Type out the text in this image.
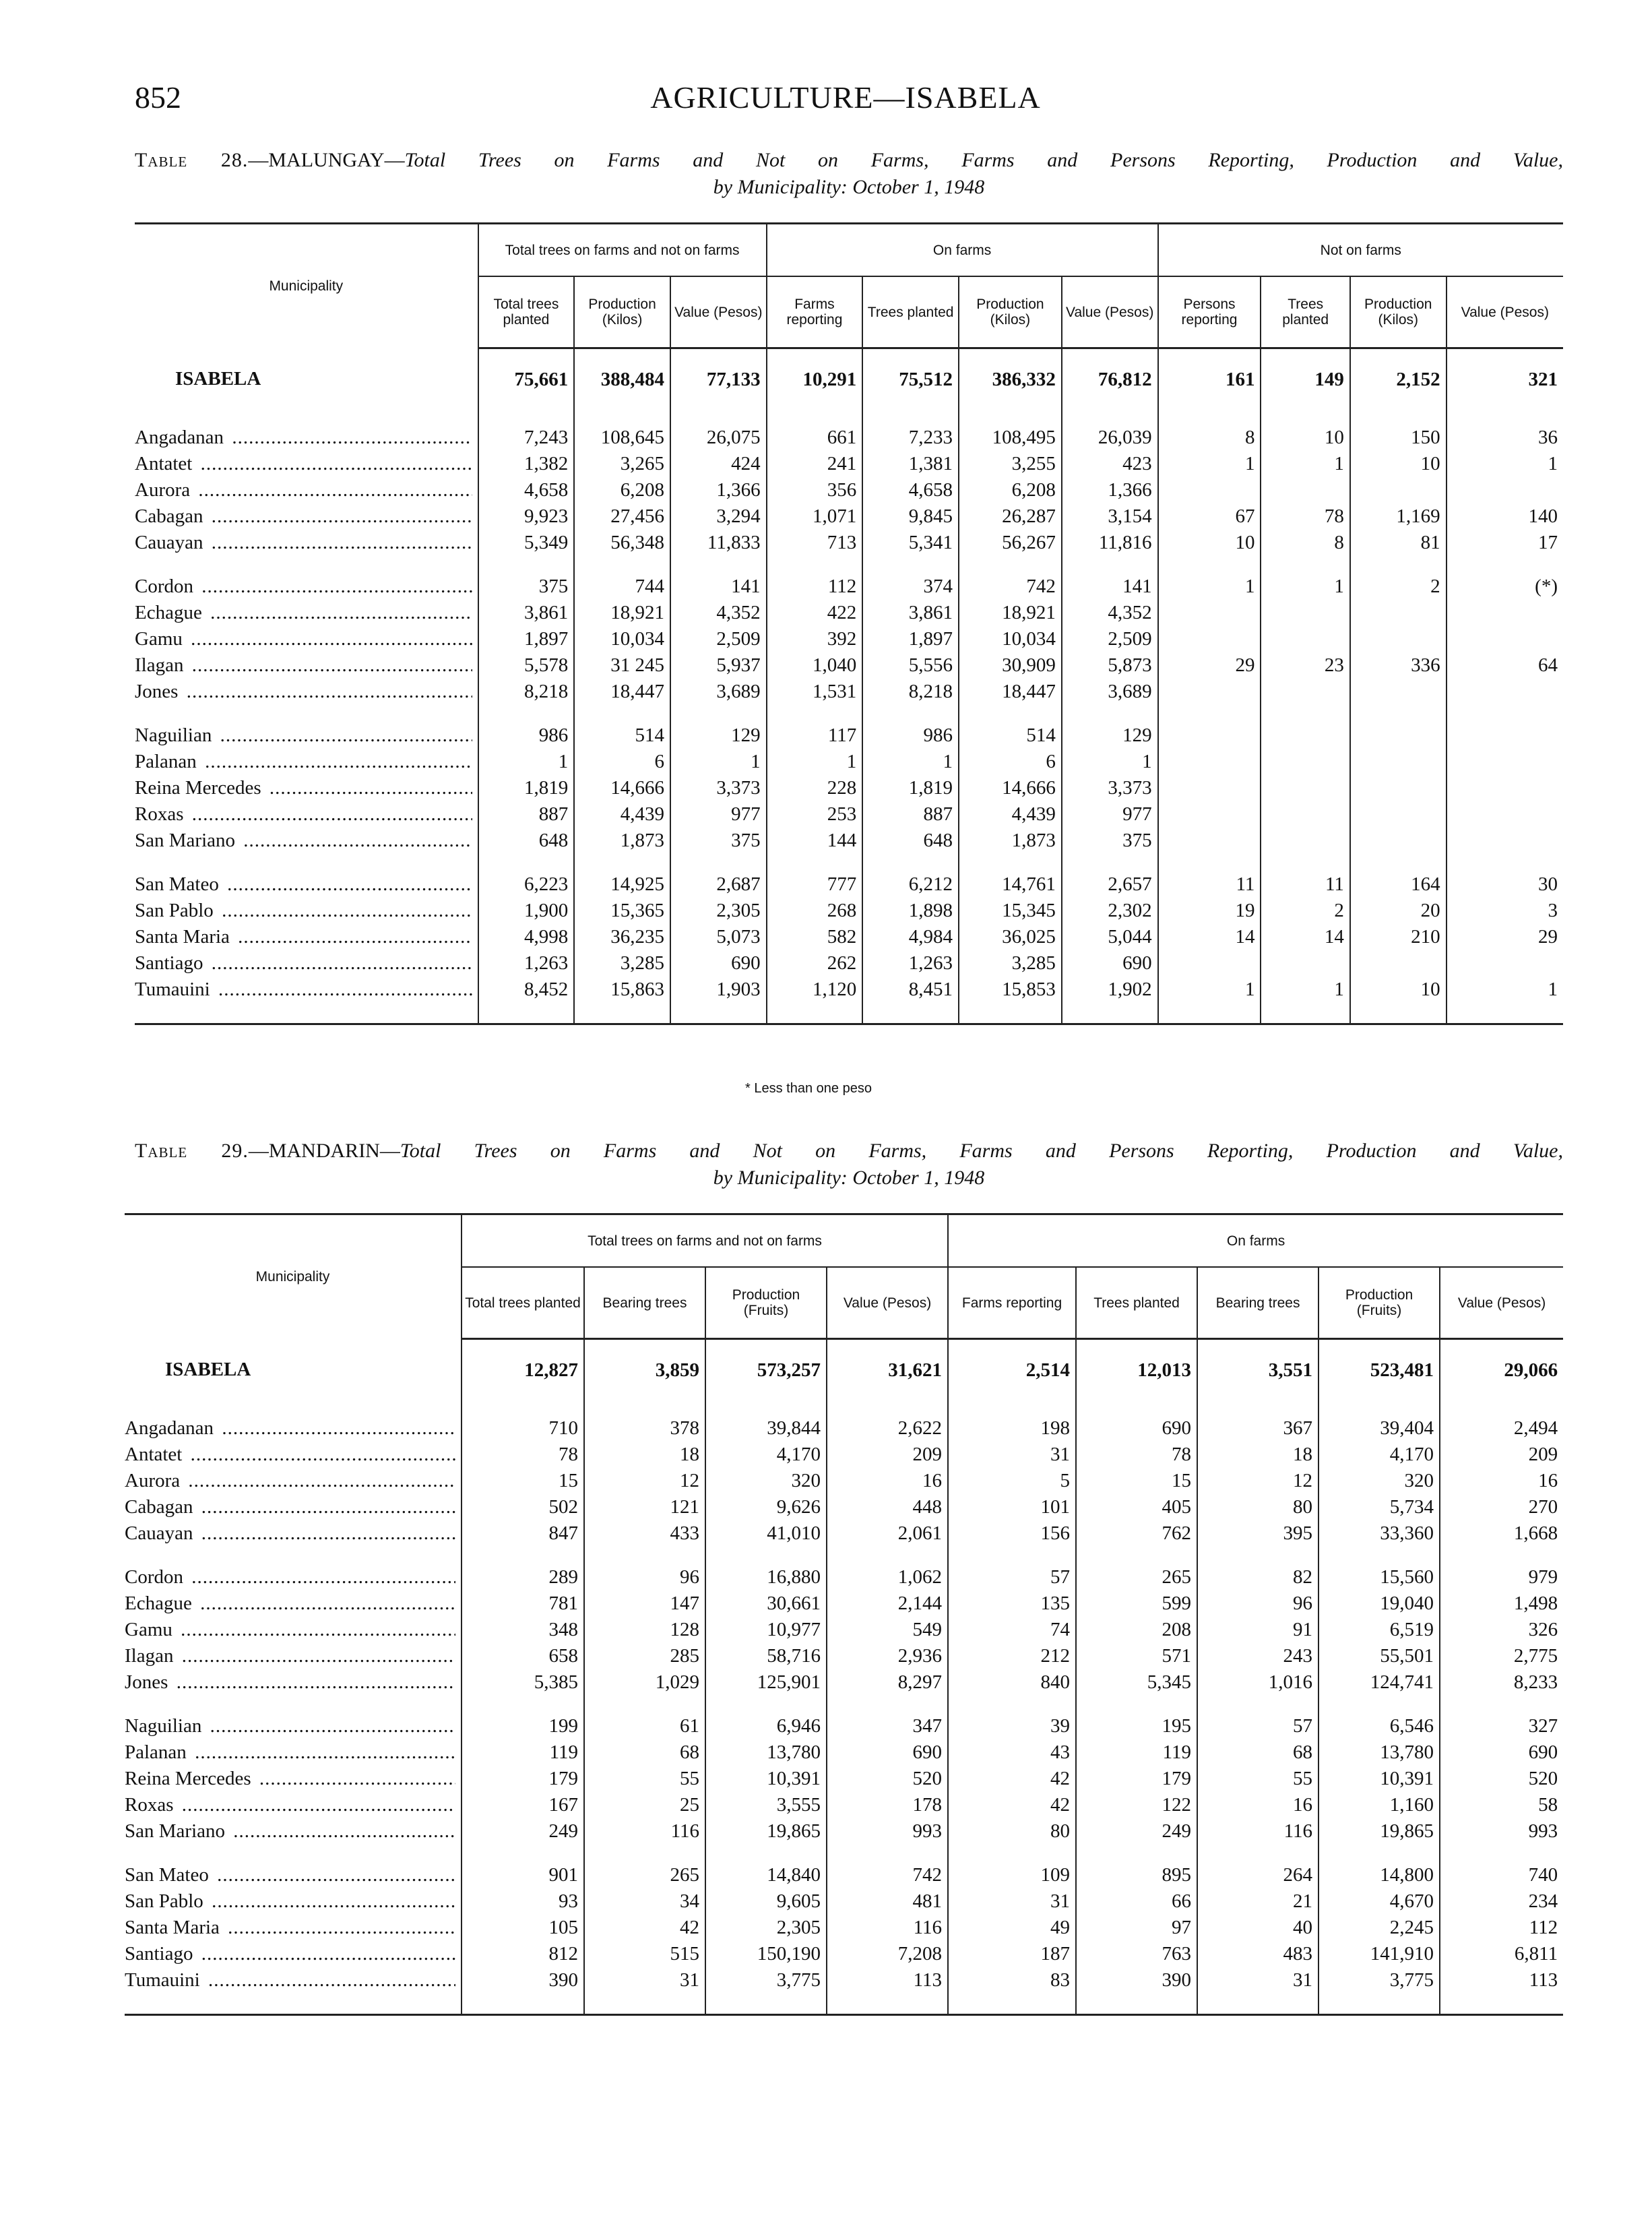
852	AGRICULTURE—ISABELA
Table 28.—MALUNGAY—Total Trees on Farms and Not on Farms, Farms and Persons Reporting, Production and Value,
by Municipality: October 1, 1948
Municipality	Total trees on farms and not on farms			On farms				Not on farms			
	Total trees planted	Production (Kilos)	Value (Pesos)	Farms reporting	Trees planted	Production (Kilos)	Value (Pesos)	Persons reporting	Trees planted	Production (Kilos)	Value (Pesos)
ISABELA	75,661	388,484	77,133	10,291	75,512	386,332	76,812	161	149	2,152	321

Angadanan .....	7,243	108,645	26,075	661	7,233	108,495	26,039	8	10	150	36

Antatet .....	1,382	3,265	424	241	1,381	3,255	423	1	1	10	1

Aurora .....	4,658	6,208	1,366	356	4,658	6,208	1,366				

Cabagan .....	9,923	27,456	3,294	1,071	9,845	26,287	3,154	67	78	1,169	140

Cauayan .....	5,349	56,348	11,833	713	5,341	56,267	11,816	10	8	81	17

Cordon .....	375	744	141	112	374	742	141	1	1	2	(*)

Echague .....	3,861	18,921	4,352	422	3,861	18,921	4,352				

Gamu .....	1,897	10,034	2,509	392	1,897	10,034	2,509				

Ilagan .....	5,578	31 245	5,937	1,040	5,556	30,909	5,873	29	23	336	64

Jones .....	8,218	18,447	3,689	1,531	8,218	18,447	3,689				

Naguilian .....	986	514	129	117	986	514	129				

Palanan .....	1	6	1	1	1	6	1				

Reina Mercedes .....	1,819	14,666	3,373	228	1,819	14,666	3,373				

Roxas .....	887	4,439	977	253	887	4,439	977				

San Mariano .....	648	1,873	375	144	648	1,873	375				

San Mateo .....	6,223	14,925	2,687	777	6,212	14,761	2,657	11	11	164	30

San Pablo .....	1,900	15,365	2,305	268	1,898	15,345	2,302	19	2	20	3

Santa Maria .....	4,998	36,235	5,073	582	4,984	36,025	5,044	14	14	210	29

Santiago .....	1,263	3,285	690	262	1,263	3,285	690				

Tumauini .....	8,452	15,863	1,903	1,120	8,451	15,853	1,902	1	1	10	1

* Less than one peso
Table 29.—MANDARIN—Total Trees on Farms and Not on Farms, Farms and Persons Reporting, Production and Value,
by Municipality: October 1, 1948
Municipality	Total trees on farms and not on farms				On farms				
	Total trees planted	Bearing trees	Production (Fruits)	Value (Pesos)	Farms reporting	Trees planted	Bearing trees	Production (Fruits)	Value (Pesos)
ISABELA	12,827	3,859	573,257	31,621	2,514	12,013	3,551	523,481	29,066

Angadanan .....	710	378	39,844	2,622	198	690	367	39,404	2,494

Antatet .....	78	18	4,170	209	31	78	18	4,170	209

Aurora .....	15	12	320	16	5	15	12	320	16

Cabagan .....	502	121	9,626	448	101	405	80	5,734	270

Cauayan .....	847	433	41,010	2,061	156	762	395	33,360	1,668

Cordon .....	289	96	16,880	1,062	57	265	82	15,560	979

Echague .....	781	147	30,661	2,144	135	599	96	19,040	1,498

Gamu .....	348	128	10,977	549	74	208	91	6,519	326

Ilagan .....	658	285	58,716	2,936	212	571	243	55,501	2,775

Jones .....	5,385	1,029	125,901	8,297	840	5,345	1,016	124,741	8,233

Naguilian .....	199	61	6,946	347	39	195	57	6,546	327

Palanan .....	119	68	13,780	690	43	119	68	13,780	690

Reina Mercedes .....	179	55	10,391	520	42	179	55	10,391	520

Roxas .....	167	25	3,555	178	42	122	16	1,160	58

San Mariano .....	249	116	19,865	993	80	249	116	19,865	993

San Mateo .....	901	265	14,840	742	109	895	264	14,800	740

San Pablo .....	93	34	9,605	481	31	66	21	4,670	234

Santa Maria .....	105	42	2,305	116	49	97	40	2,245	112

Santiago .....	812	515	150,190	7,208	187	763	483	141,910	6,811

Tumauini .....	390	31	3,775	113	83	390	31	3,775	113
